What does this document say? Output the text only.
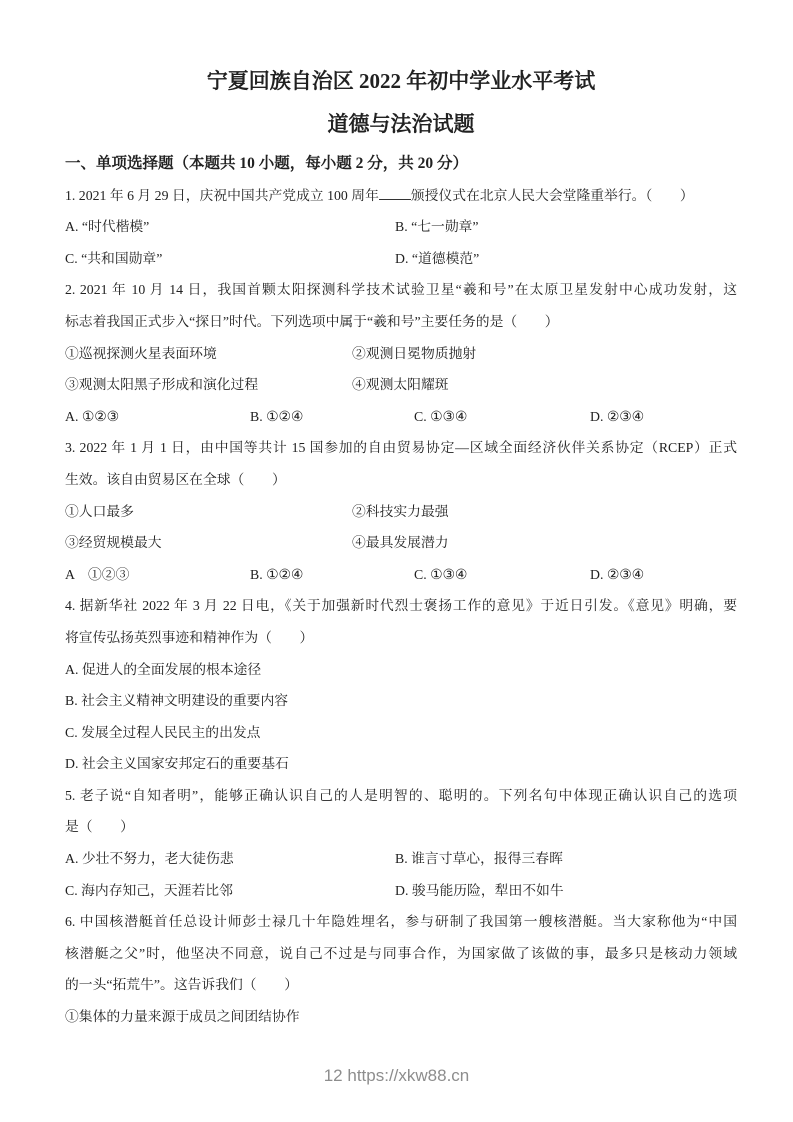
宁夏回族自治区 2022 年初中学业水平考试
道德与法治试题
一、单项选择题（本题共 10 小题，每小题 2 分，共 20 分）
1. 2021 年 6 月 29 日，庆祝中国共产党成立 100 周年 颁授仪式在北京人民大会堂隆重举行。（　　）
A. “时代楷模”	B. “七一勋章”
C. “共和国勋章”	D. “道德模范”
2. 2021 年 10 月 14 日，我国首颗太阳探测科学技术试验卫星“羲和号”在太原卫星发射中心成功发射，这
标志着我国正式步入“探日”时代。下列选项中属于“羲和号”主要任务的是（　　）
①巡视探测火星表面环境	②观测日冕物质抛射
③观测太阳黑子形成和演化过程	④观测太阳耀斑
A. ①②③	B. ①②④	C. ①③④	D. ②③④
3. 2022 年 1 月 1 日，由中国等共计 15 国参加的自由贸易协定—区域全面经济伙伴关系协定（RCEP）正式
生效。该自由贸易区在全球（　　）
①人口最多	②科技实力最强
③经贸规模最大	④最具发展潜力
A　①②③	B. ①②④	C. ①③④	D. ②③④
4. 据新华社 2022 年 3 月 22 日电，《关于加强新时代烈士褒扬工作的意见》于近日引发。《意见》明确，要
将宣传弘扬英烈事迹和精神作为（　　）
A. 促进人的全面发展的根本途径
B. 社会主义精神文明建设的重要内容
C. 发展全过程人民民主的出发点
D. 社会主义国家安邦定石的重要基石
5. 老子说“自知者明”，能够正确认识自己的人是明智的、聪明的。下列名句中体现正确认识自己的选项
是（　　）
A. 少壮不努力，老大徒伤悲	B. 谁言寸草心，报得三春晖
C. 海内存知己，天涯若比邻	D. 骏马能历险，犁田不如牛
6. 中国核潜艇首任总设计师彭士禄几十年隐姓埋名，参与研制了我国第一艘核潜艇。当大家称他为“中国
核潜艇之父”时，他坚决不同意，说自己不过是与同事合作，为国家做了该做的事，最多只是核动力领域
的一头“拓荒牛”。这告诉我们（　　）
①集体的力量来源于成员之间团结协作
12 https://xkw88.cn
